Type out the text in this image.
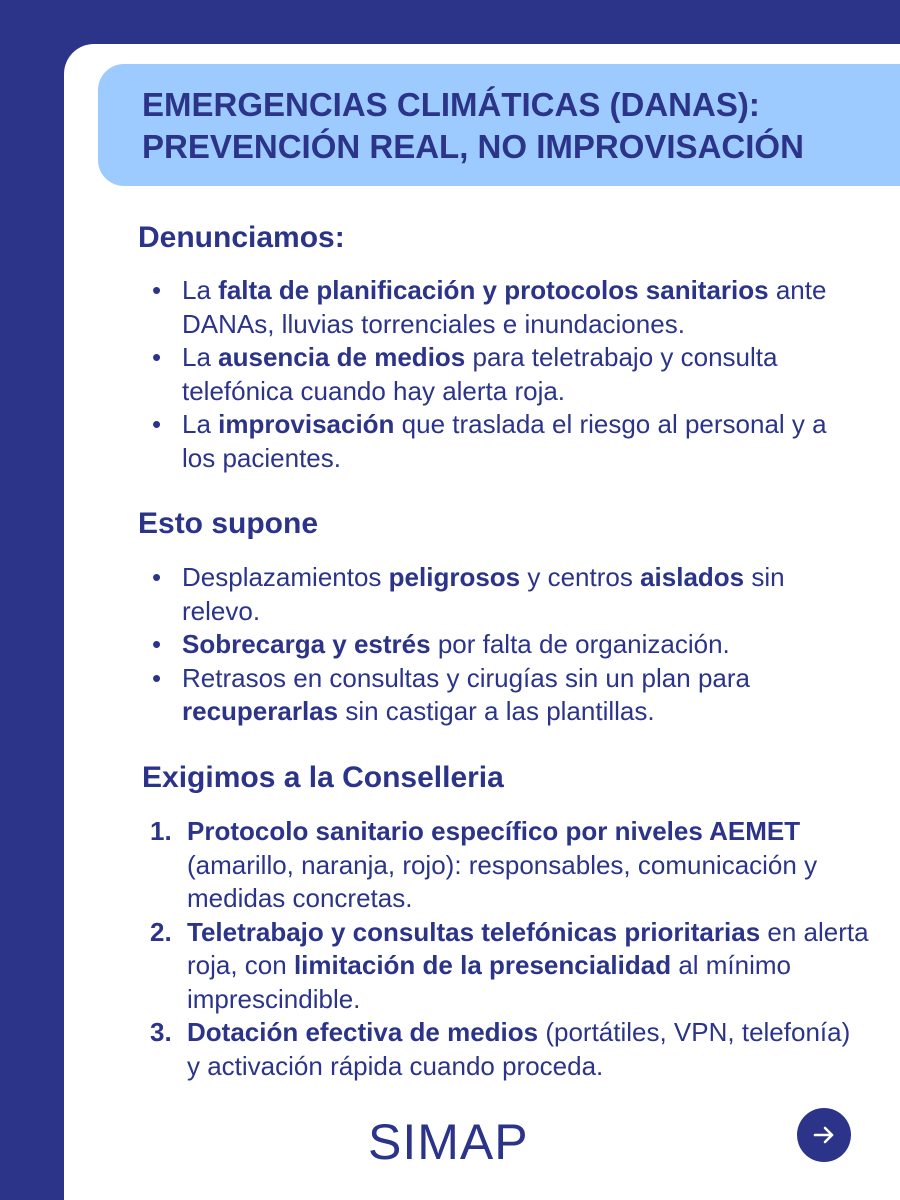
EMERGENCIAS CLIMÁTICAS (DANAS):
PREVENCIÓN REAL, NO IMPROVISACIÓN
Denunciamos:
• La falta de planificación y protocolos sanitarios ante DANAs, lluvias torrenciales e inundaciones.
• La ausencia de medios para teletrabajo y consulta telefónica cuando hay alerta roja.
• La improvisación que traslada el riesgo al personal y a los pacientes.
Esto supone
• Desplazamientos peligrosos y centros aislados sin relevo.
• Sobrecarga y estrés por falta de organización.
• Retrasos en consultas y cirugías sin un plan para recuperarlas sin castigar a las plantillas.
Exigimos a la Conselleria
1. Protocolo sanitario específico por niveles AEMET (amarillo, naranja, rojo): responsables, comunicación y medidas concretas.
2. Teletrabajo y consultas telefónicas prioritarias en alerta roja, con limitación de la presencialidad al mínimo imprescindible.
3. Dotación efectiva de medios (portátiles, VPN, telefonía) y activación rápida cuando proceda.
SIMAP
